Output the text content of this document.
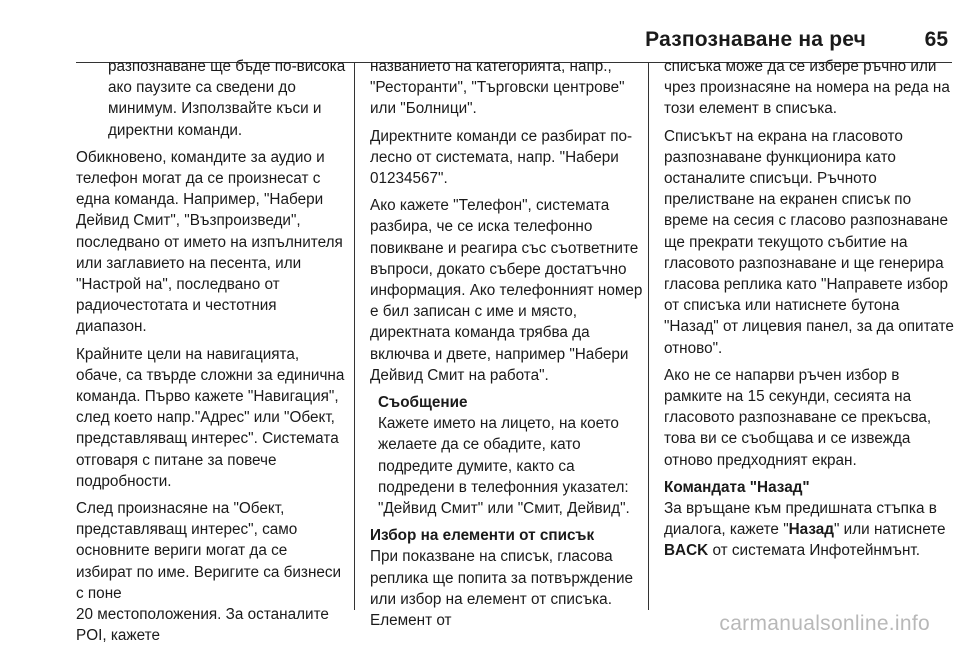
Разпознаване на реч	65

разпознаване ще бъде по-висока ако паузите са сведени до минимум. Използвайте къси и директни команди.

Обикновено, командите за аудио и телефон могат да се произнесат с една команда. Например, "Набери Дейвид Смит", "Възпроизведи", последвано от името на изпълнителя или заглавието на песента, или "Настрой на", последвано от радиочестотата и честотния диапазон.

Крайните цели на навигацията, обаче, са твърде сложни за единична команда. Първо кажете "Навигация", след което напр."Адрес" или "Обект, представляващ интерес". Системата отговаря с питане за повече подробности.

След произнасяне на "Обект, представляващ интерес", само основните вериги могат да се избират по име. Веригите са бизнеси с поне

20 местоположения. За останалите POI, кажете

названието на категорията, напр., "Ресторанти", "Търговски центрове" или "Болници".

Директните команди се разбират по-лесно от системата, напр. "Набери 01234567".

Ако кажете "Телефон", системата разбира, че се иска телефонно повикване и реагира със съответните въпроси, докато събере достатъчно информация. Ако телефонният номер е бил записан с име и място, директната команда трябва да включва и двете, например "Набери Дейвид Смит на работа".

Съобщение

Кажете името на лицето, на което желаете да се обадите, като подредите думите, както са подредени в телефонния указател: "Дейвид Смит" или "Смит, Дейвид".

Избор на елементи от списък

При показване на списък, гласова реплика ще попита за потвърждение или избор на елемент от списъка. Елемент от

списъка може да се избере ръчно или чрез произнасяне на номера на реда на този елемент в списъка.

Списъкът на екрана на гласовото разпознаване функционира като останалите списъци. Ръчното прелистване на екранен списък по време на сесия с гласово разпознаване ще прекрати текущото събитие на гласовото разпознаване и ще генерира гласова реплика като "Направете избор от списъка или натиснете бутона "Назад" от лицевия панел, за да опитате отново".

Ако не се напарви ръчен избор в рамките на 15 секунди, сесията на гласовото разпознаване се прекъсва, това ви се съобщава и се извежда отново предходният екран.

Командата "Назад"

За връщане към предишната стъпка в диалога, кажете "Назад" или натиснете BACK от системата Инфотейнмънт.

carmanualsonline.info
